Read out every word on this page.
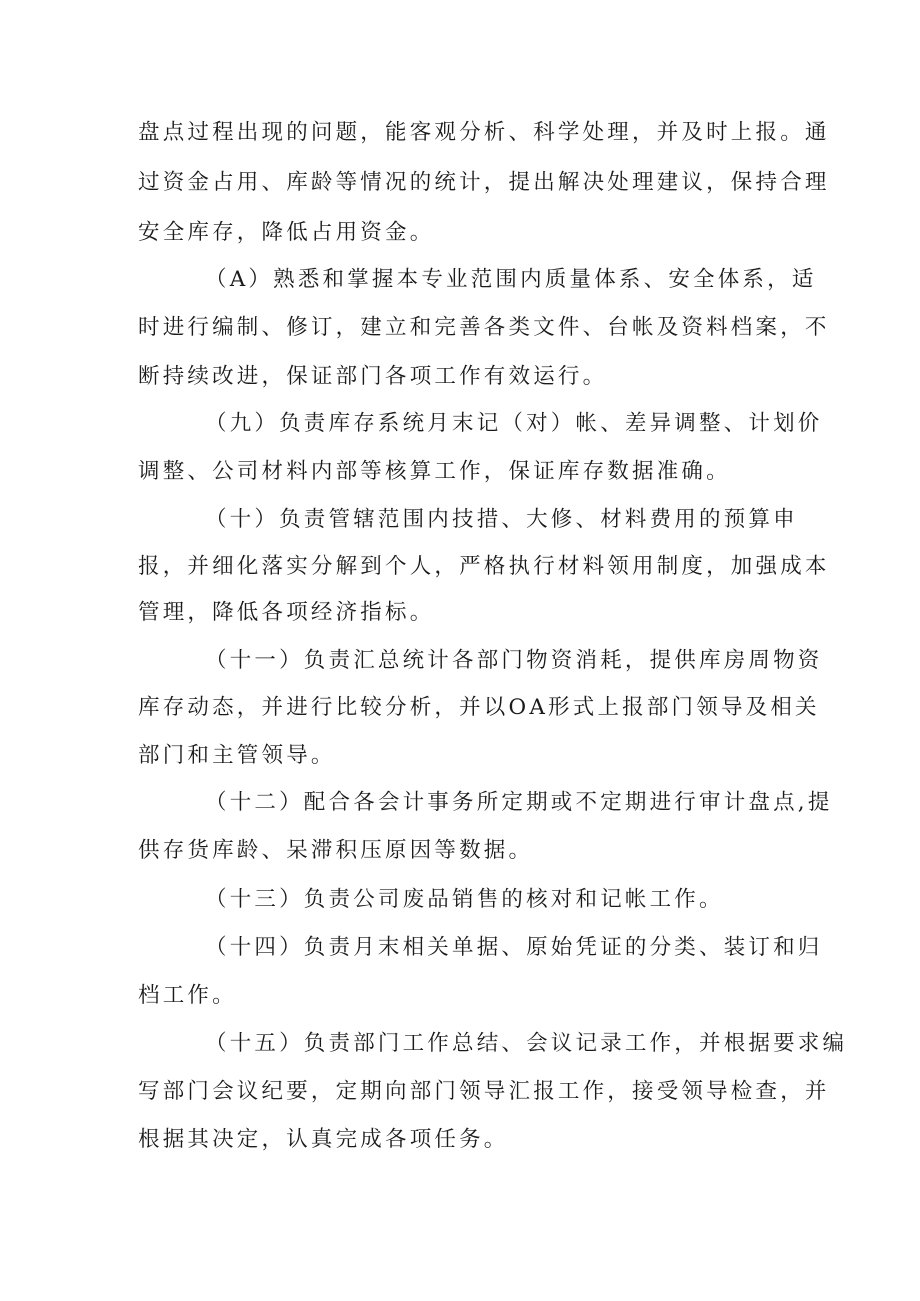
盘点过程出现的问题，能客观分析、科学处理，并及时上报。通
过资金占用、库龄等情况的统计，提出解决处理建议，保持合理
安全库存，降低占用资金。
（A）熟悉和掌握本专业范围内质量体系、安全体系，适
时进行编制、修订，建立和完善各类文件、台帐及资料档案，不
断持续改进，保证部门各项工作有效运行。
（九）负责库存系统月末记（对）帐、差异调整、计划价
调整、公司材料内部等核算工作，保证库存数据准确。
（十）负责管辖范围内技措、大修、材料费用的预算申
报，并细化落实分解到个人，严格执行材料领用制度，加强成本
管理，降低各项经济指标。
（十一）负责汇总统计各部门物资消耗，提供库房周物资
库存动态，并进行比较分析，并以OA形式上报部门领导及相关
部门和主管领导。
（十二）配合各会计事务所定期或不定期进行审计盘点,提
供存货库龄、呆滞积压原因等数据。
（十三）负责公司废品销售的核对和记帐工作。
（十四）负责月末相关单据、原始凭证的分类、装订和归
档工作。
（十五）负责部门工作总结、会议记录工作，并根据要求编
写部门会议纪要，定期向部门领导汇报工作，接受领导检查，并
根据其决定，认真完成各项任务。
